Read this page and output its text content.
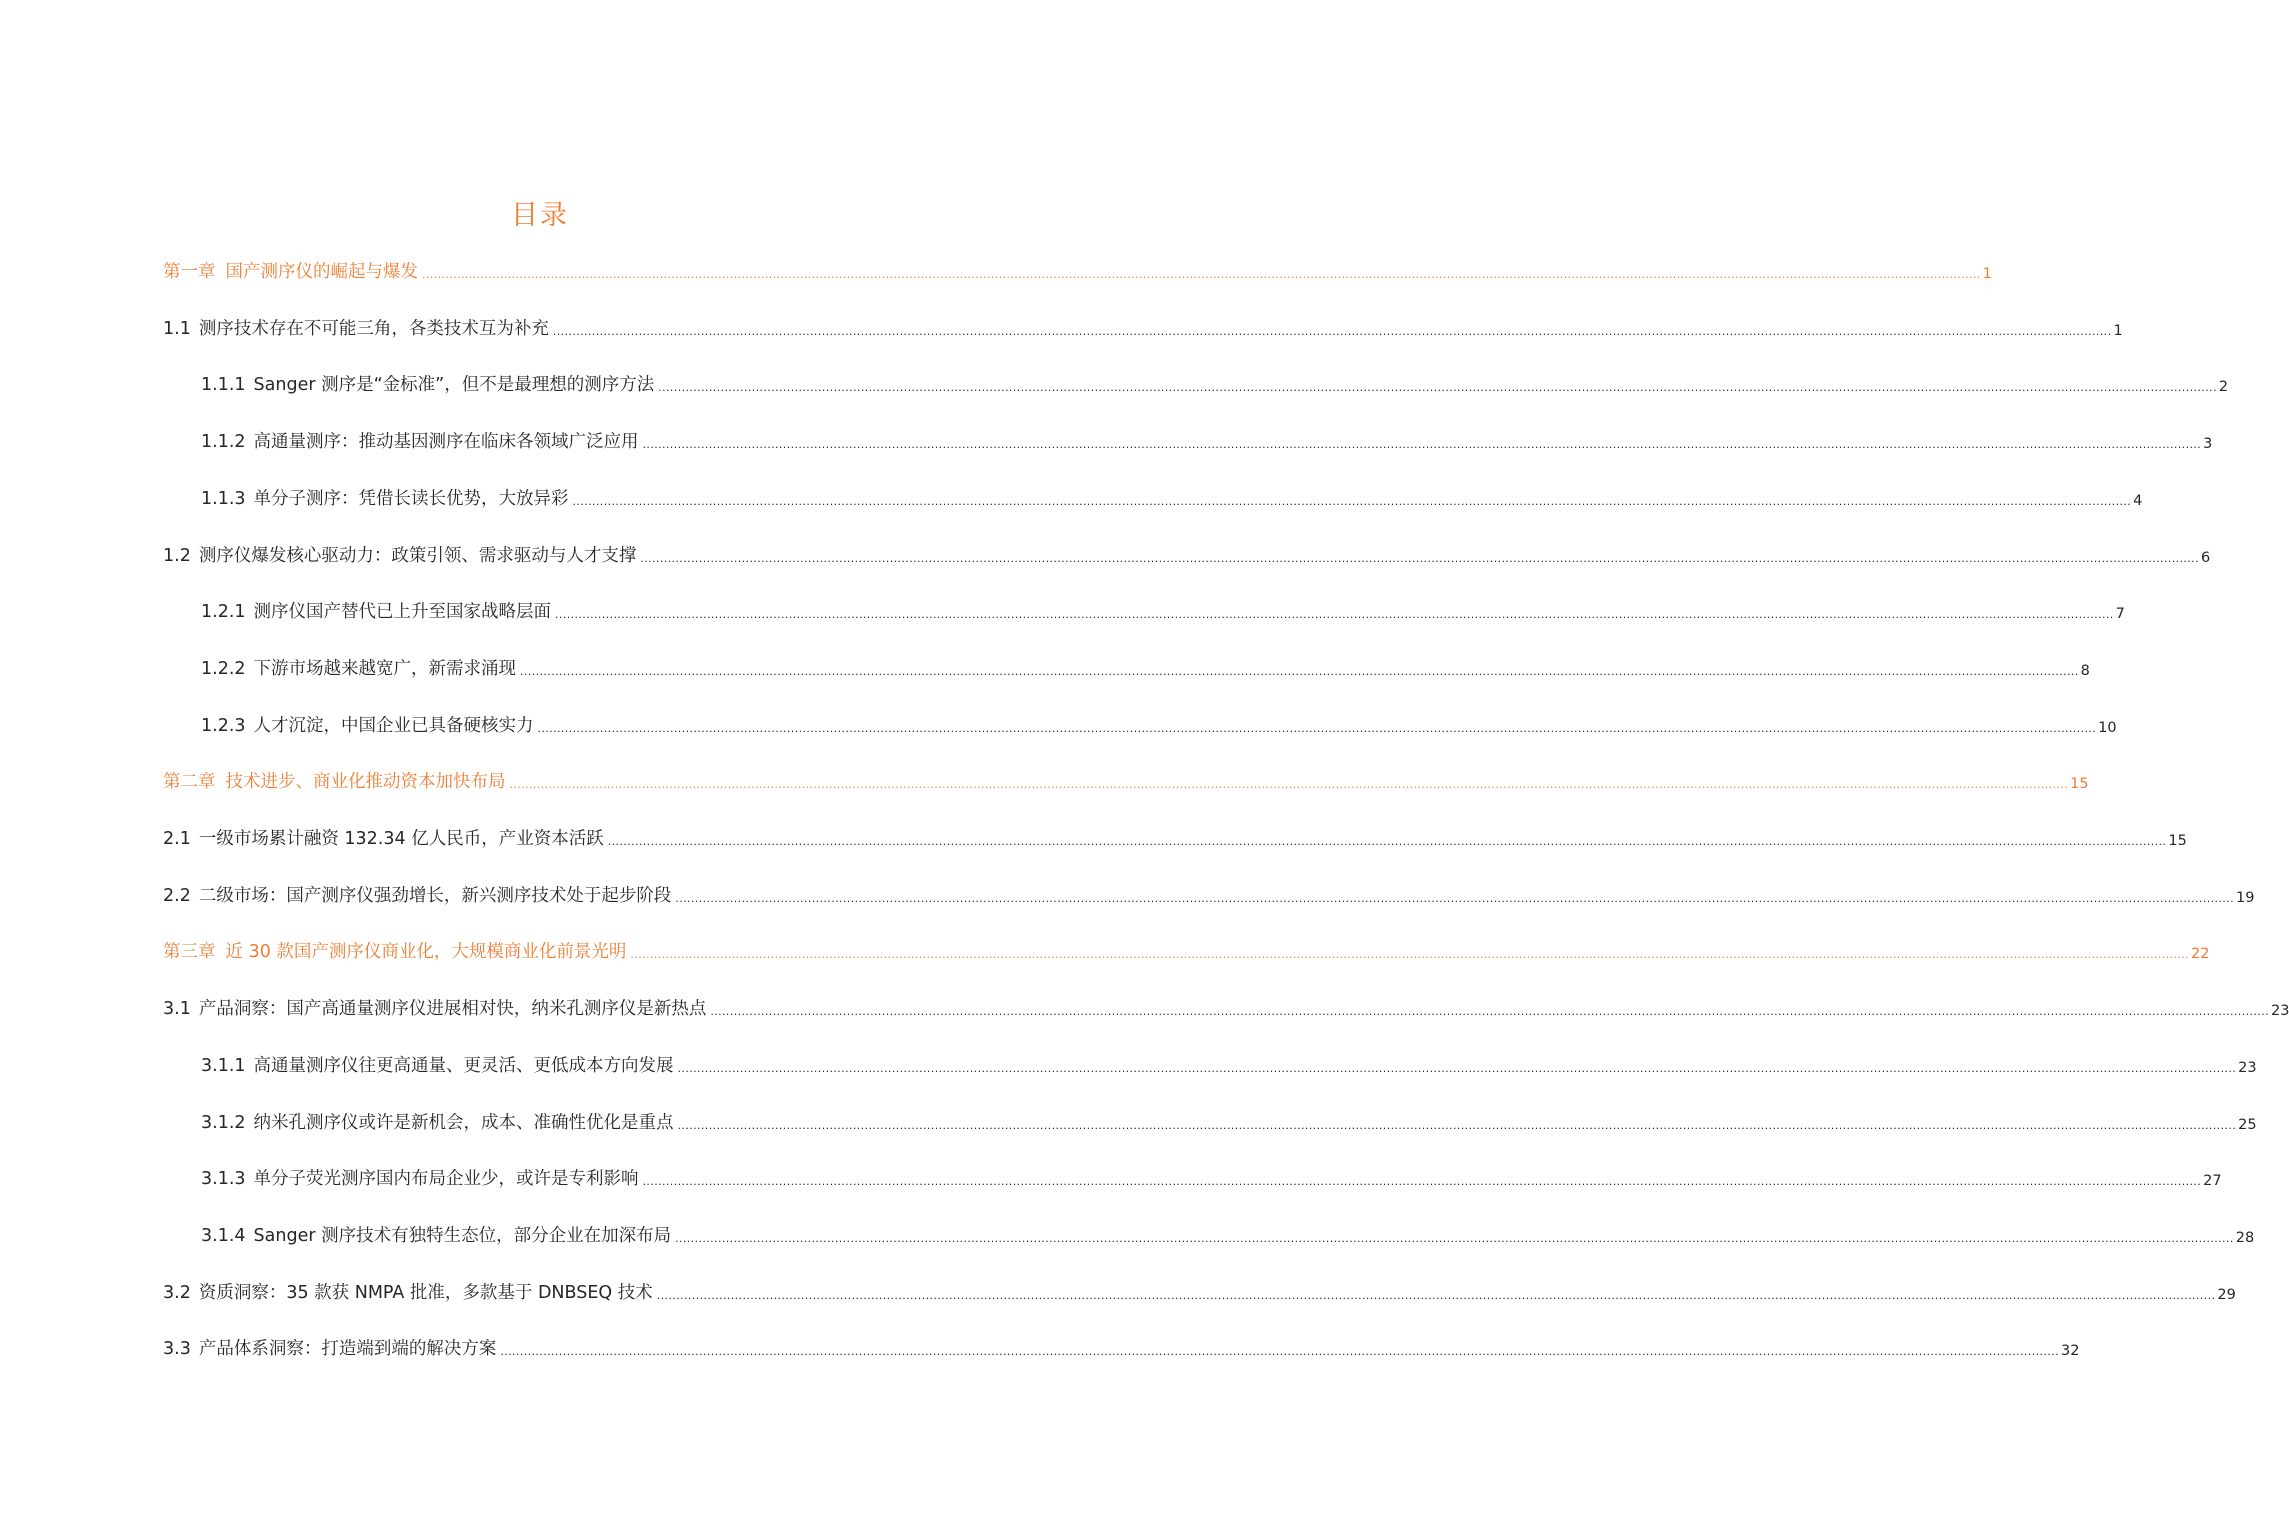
目录
第一章 国产测序仪的崛起与爆发 ................................................................................................................................................................................................................................................................................................................................................................................................................ 1
1.1 测序技术存在不可能三角，各类技术互为补充 ................................................................................................................................................................................................................................................................................................................................................................................................................ 1
1.1.1 Sanger 测序是“金标准”，但不是最理想的测序方法 ................................................................................................................................................................................................................................................................................................................................................................................................................ 2
1.1.2 高通量测序：推动基因测序在临床各领域广泛应用 ................................................................................................................................................................................................................................................................................................................................................................................................................ 3
1.1.3 单分子测序：凭借长读长优势，大放异彩 ................................................................................................................................................................................................................................................................................................................................................................................................................ 4
1.2 测序仪爆发核心驱动力：政策引领、需求驱动与人才支撑 ................................................................................................................................................................................................................................................................................................................................................................................................................ 6
1.2.1 测序仪国产替代已上升至国家战略层面 ................................................................................................................................................................................................................................................................................................................................................................................................................ 7
1.2.2 下游市场越来越宽广，新需求涌现 ................................................................................................................................................................................................................................................................................................................................................................................................................ 8
1.2.3 人才沉淀，中国企业已具备硬核实力 ................................................................................................................................................................................................................................................................................................................................................................................................................ 10
第二章 技术进步、商业化推动资本加快布局 ................................................................................................................................................................................................................................................................................................................................................................................................................ 15
2.1 一级市场累计融资 132.34 亿人民币，产业资本活跃 ................................................................................................................................................................................................................................................................................................................................................................................................................ 15
2.2 二级市场：国产测序仪强劲增长，新兴测序技术处于起步阶段 ................................................................................................................................................................................................................................................................................................................................................................................................................ 19
第三章 近 30 款国产测序仪商业化，大规模商业化前景光明 ................................................................................................................................................................................................................................................................................................................................................................................................................ 22
3.1 产品洞察：国产高通量测序仪进展相对快，纳米孔测序仪是新热点 ................................................................................................................................................................................................................................................................................................................................................................................................................ 23
3.1.1 高通量测序仪往更高通量、更灵活、更低成本方向发展 ................................................................................................................................................................................................................................................................................................................................................................................................................ 23
3.1.2 纳米孔测序仪或许是新机会，成本、准确性优化是重点 ................................................................................................................................................................................................................................................................................................................................................................................................................ 25
3.1.3 单分子荧光测序国内布局企业少，或许是专利影响 ................................................................................................................................................................................................................................................................................................................................................................................................................ 27
3.1.4 Sanger 测序技术有独特生态位，部分企业在加深布局 ................................................................................................................................................................................................................................................................................................................................................................................................................ 28
3.2 资质洞察：35 款获 NMPA 批准，多款基于 DNBSEQ 技术 ................................................................................................................................................................................................................................................................................................................................................................................................................ 29
3.3 产品体系洞察：打造端到端的解决方案 ................................................................................................................................................................................................................................................................................................................................................................................................................ 32
